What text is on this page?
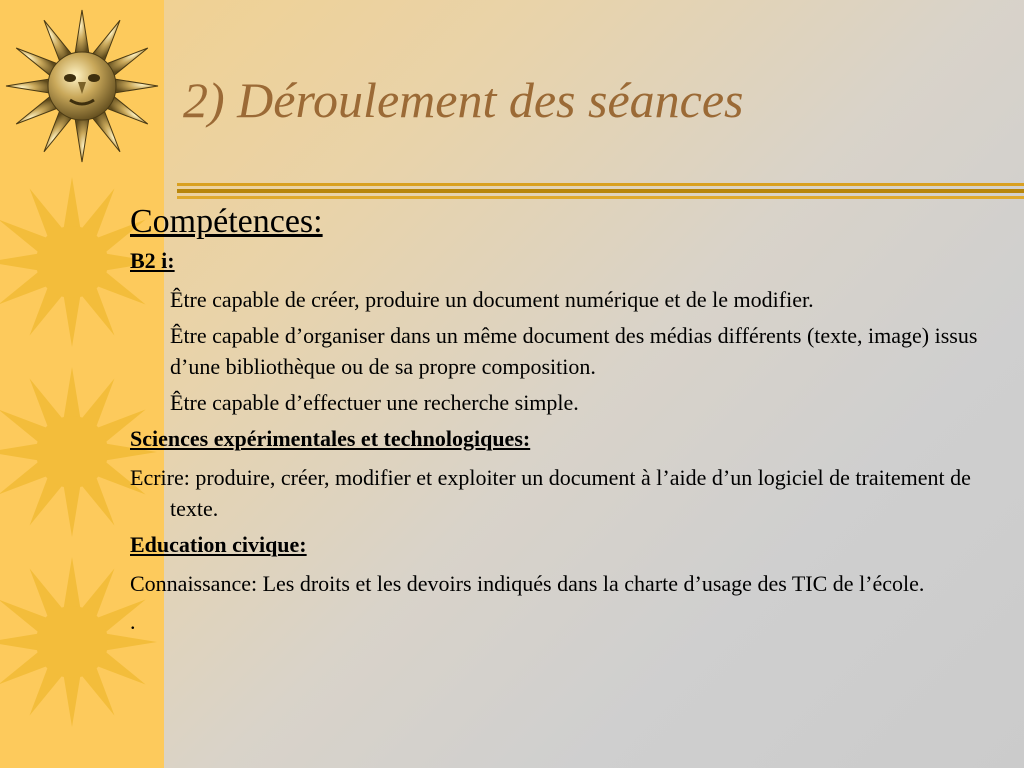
2) Déroulement des séances
Compétences:

B2 i:

Être capable de créer, produire un document numérique et de le modifier.

Être capable d’organiser dans un même document des médias différents (texte, image) issus d’une bibliothèque ou de sa propre composition.

Être capable d’effectuer une recherche simple.

Sciences expérimentales et technologiques:

Ecrire: produire, créer, modifier et exploiter un document à l’aide d’un logiciel de traitement de texte.

Education civique:

Connaissance: Les droits et les devoirs indiqués dans la charte d’usage des TIC de l’école.

.
